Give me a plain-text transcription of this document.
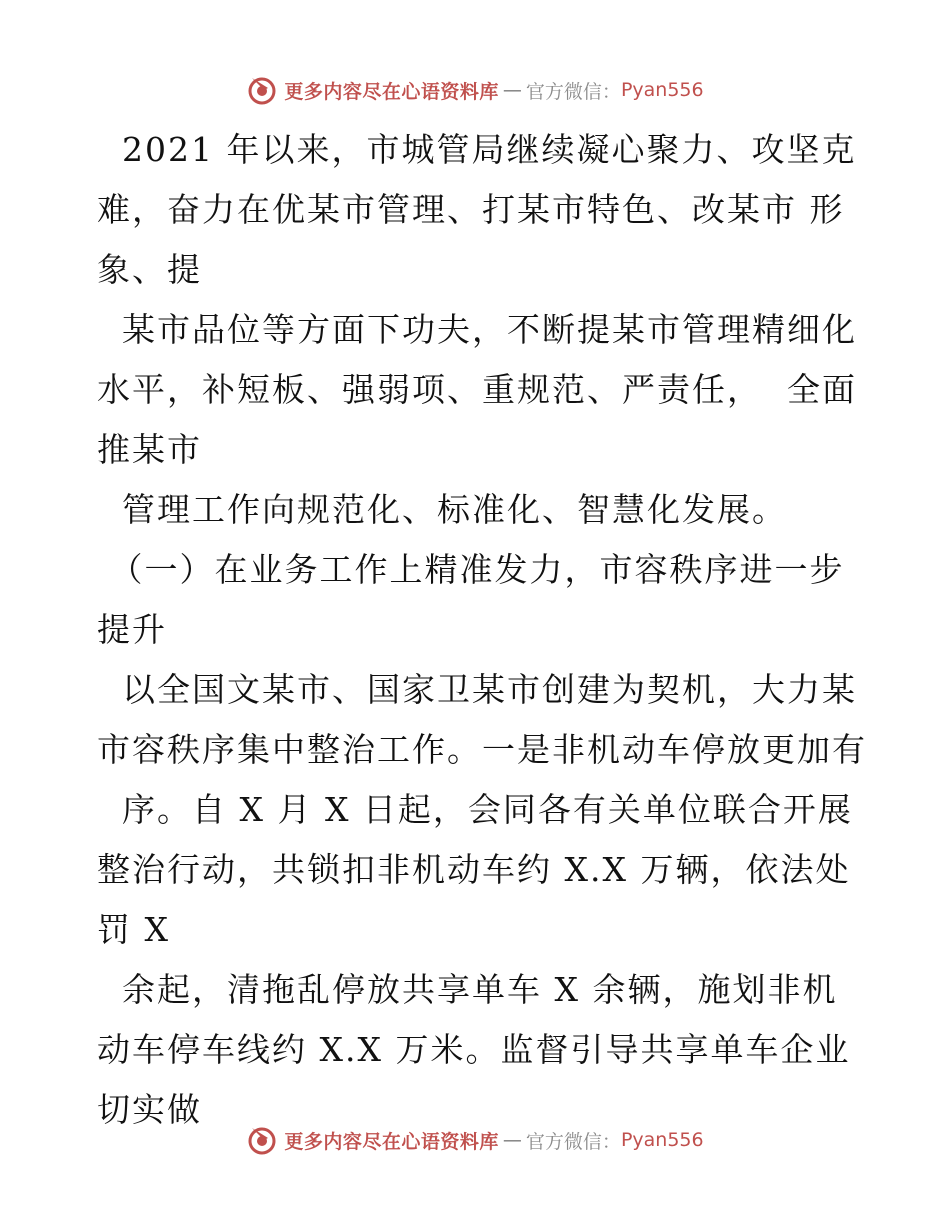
更多内容尽在心语资料库 — 官方微信： Pyan556
2021 年以来，市城管局继续凝心聚力、攻坚克
难，奋力在优某市管理、打某市特色、改某市 形
象、提
某市品位等方面下功夫，不断提某市管理精细化
水平，补短板、强弱项、重规范、严责任，  全面
推某市
管理工作向规范化、标准化、智慧化发展。
（一）在业务工作上精准发力，市容秩序进一步
提升
以全国文某市、国家卫某市创建为契机，大力某
市容秩序集中整治工作。一是非机动车停放更加有
序。自 X 月 X 日起，会同各有关单位联合开展
整治行动，共锁扣非机动车约 X.X 万辆，依法处
罚 X
余起，清拖乱停放共享单车 X 余辆，施划非机
动车停车线约 X.X 万米。监督引导共享单车企业
切实做
更多内容尽在心语资料库 — 官方微信： Pyan556
